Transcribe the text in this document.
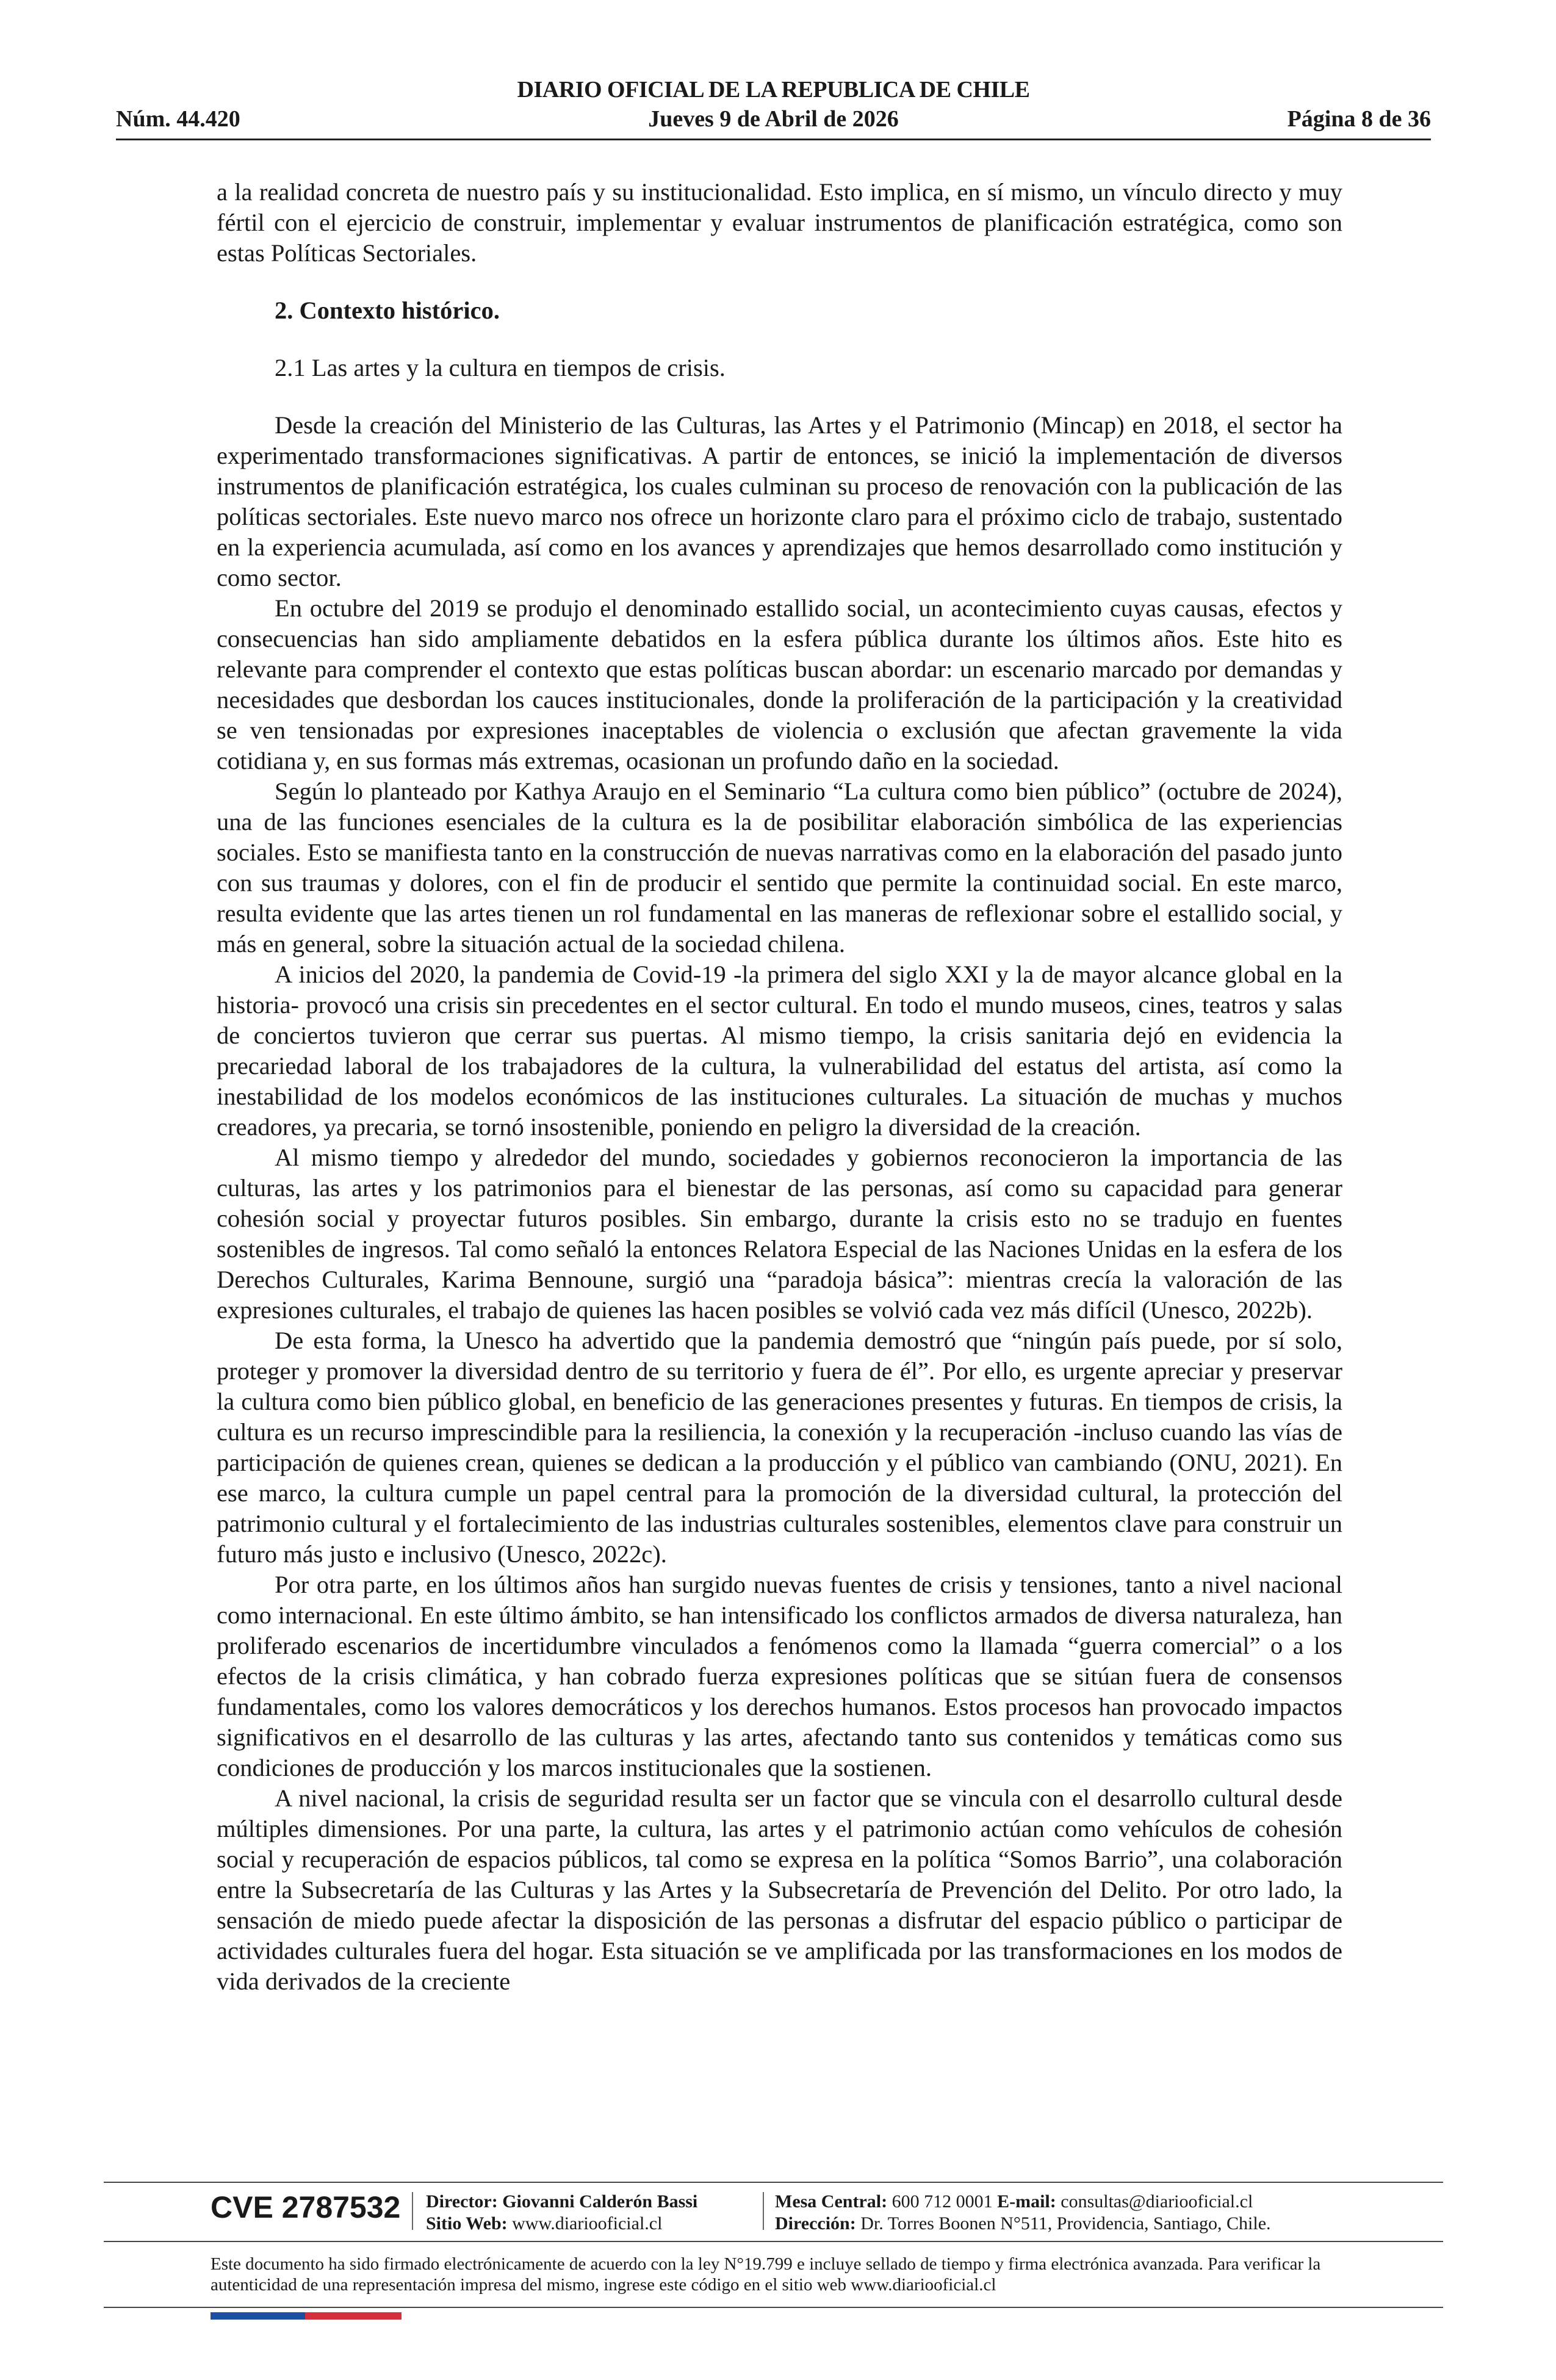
DIARIO OFICIAL DE LA REPUBLICA DE CHILE
Núm. 44.420	Jueves 9 de Abril de 2026	Página 8 de 36

a la realidad concreta de nuestro país y su institucionalidad. Esto implica, en sí mismo, un vínculo directo y muy fértil con el ejercicio de construir, implementar y evaluar instrumentos de planificación estratégica, como son estas Políticas Sectoriales.

2. Contexto histórico.

2.1 Las artes y la cultura en tiempos de crisis.

Desde la creación del Ministerio de las Culturas, las Artes y el Patrimonio (Mincap) en 2018, el sector ha experimentado transformaciones significativas. A partir de entonces, se inició la implementación de diversos instrumentos de planificación estratégica, los cuales culminan su proceso de renovación con la publicación de las políticas sectoriales. Este nuevo marco nos ofrece un horizonte claro para el próximo ciclo de trabajo, sustentado en la experiencia acumulada, así como en los avances y aprendizajes que hemos desarrollado como institución y como sector.

En octubre del 2019 se produjo el denominado estallido social, un acontecimiento cuyas causas, efectos y consecuencias han sido ampliamente debatidos en la esfera pública durante los últimos años. Este hito es relevante para comprender el contexto que estas políticas buscan abordar: un escenario marcado por demandas y necesidades que desbordan los cauces institucionales, donde la proliferación de la participación y la creatividad se ven tensionadas por expresiones inaceptables de violencia o exclusión que afectan gravemente la vida cotidiana y, en sus formas más extremas, ocasionan un profundo daño en la sociedad.

Según lo planteado por Kathya Araujo en el Seminario “La cultura como bien público” (octubre de 2024), una de las funciones esenciales de la cultura es la de posibilitar elaboración simbólica de las experiencias sociales. Esto se manifiesta tanto en la construcción de nuevas narrativas como en la elaboración del pasado junto con sus traumas y dolores, con el fin de producir el sentido que permite la continuidad social. En este marco, resulta evidente que las artes tienen un rol fundamental en las maneras de reflexionar sobre el estallido social, y más en general, sobre la situación actual de la sociedad chilena.

A inicios del 2020, la pandemia de Covid-19 -la primera del siglo XXI y la de mayor alcance global en la historia- provocó una crisis sin precedentes en el sector cultural. En todo el mundo museos, cines, teatros y salas de conciertos tuvieron que cerrar sus puertas. Al mismo tiempo, la crisis sanitaria dejó en evidencia la precariedad laboral de los trabajadores de la cultura, la vulnerabilidad del estatus del artista, así como la inestabilidad de los modelos económicos de las instituciones culturales. La situación de muchas y muchos creadores, ya precaria, se tornó insostenible, poniendo en peligro la diversidad de la creación.

Al mismo tiempo y alrededor del mundo, sociedades y gobiernos reconocieron la importancia de las culturas, las artes y los patrimonios para el bienestar de las personas, así como su capacidad para generar cohesión social y proyectar futuros posibles. Sin embargo, durante la crisis esto no se tradujo en fuentes sostenibles de ingresos. Tal como señaló la entonces Relatora Especial de las Naciones Unidas en la esfera de los Derechos Culturales, Karima Bennoune, surgió una “paradoja básica”: mientras crecía la valoración de las expresiones culturales, el trabajo de quienes las hacen posibles se volvió cada vez más difícil (Unesco, 2022b).

De esta forma, la Unesco ha advertido que la pandemia demostró que “ningún país puede, por sí solo, proteger y promover la diversidad dentro de su territorio y fuera de él”. Por ello, es urgente apreciar y preservar la cultura como bien público global, en beneficio de las generaciones presentes y futuras. En tiempos de crisis, la cultura es un recurso imprescindible para la resiliencia, la conexión y la recuperación -incluso cuando las vías de participación de quienes crean, quienes se dedican a la producción y el público van cambiando (ONU, 2021). En ese marco, la cultura cumple un papel central para la promoción de la diversidad cultural, la protección del patrimonio cultural y el fortalecimiento de las industrias culturales sostenibles, elementos clave para construir un futuro más justo e inclusivo (Unesco, 2022c).

Por otra parte, en los últimos años han surgido nuevas fuentes de crisis y tensiones, tanto a nivel nacional como internacional. En este último ámbito, se han intensificado los conflictos armados de diversa naturaleza, han proliferado escenarios de incertidumbre vinculados a fenómenos como la llamada “guerra comercial” o a los efectos de la crisis climática, y han cobrado fuerza expresiones políticas que se sitúan fuera de consensos fundamentales, como los valores democráticos y los derechos humanos. Estos procesos han provocado impactos significativos en el desarrollo de las culturas y las artes, afectando tanto sus contenidos y temáticas como sus condiciones de producción y los marcos institucionales que la sostienen.

A nivel nacional, la crisis de seguridad resulta ser un factor que se vincula con el desarrollo cultural desde múltiples dimensiones. Por una parte, la cultura, las artes y el patrimonio actúan como vehículos de cohesión social y recuperación de espacios públicos, tal como se expresa en la política “Somos Barrio”, una colaboración entre la Subsecretaría de las Culturas y las Artes y la Subsecretaría de Prevención del Delito. Por otro lado, la sensación de miedo puede afectar la disposición de las personas a disfrutar del espacio público o participar de actividades culturales fuera del hogar. Esta situación se ve amplificada por las transformaciones en los modos de vida derivados de la creciente

CVE 2787532 Director: Giovanni Calderón Bassi
Sitio Web: www.diariooficial.cl
Mesa Central: 600 712 0001 E-mail: consultas@diariooficial.cl
Dirección: Dr. Torres Boonen N°511, Providencia, Santiago, Chile.
Este documento ha sido firmado electrónicamente de acuerdo con la ley N°19.799 e incluye sellado de tiempo y firma electrónica avanzada. Para verificar la autenticidad de una representación impresa del mismo, ingrese este código en el sitio web www.diariooficial.cl
